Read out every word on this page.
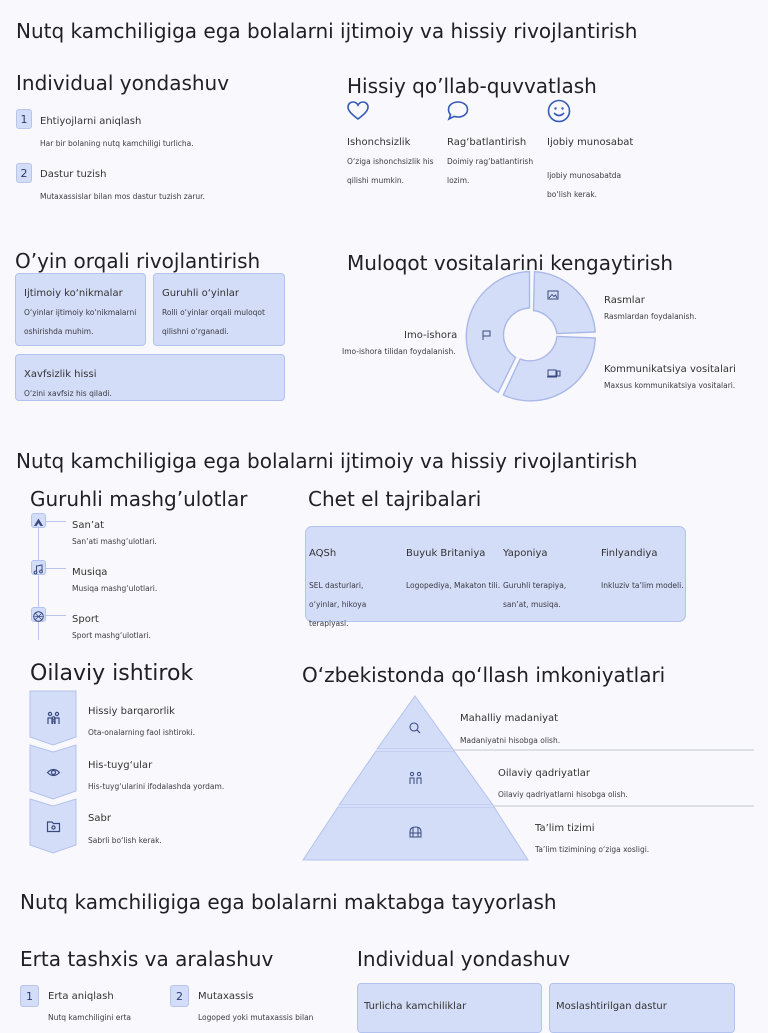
Nutq kamchiligiga ega bolalarni ijtimoiy va hissiy rivojlantirish
Individual yondashuv
1	Ehtiyojlarni aniqlash
Har bir bolaning nutq kamchiligi turlicha.
2	Dastur tuzish
Mutaxassislar bilan mos dastur tuzish zarur.
Hissiy qo’llab-quvvatlash
Ishonchsizlik
O‘ziga ishonchsizlik his
qilishi mumkin.
Rag‘batlantirish
Doimiy rag‘batlantirish
lozim.
Ijobiy munosabat
Ijobiy munosabatda
bo‘lish kerak.
O’yin orqali rivojlantirish
Ijtimoiy ko‘nikmalar
O‘yinlar ijtimoiy ko‘nikmalarni
oshirishda muhim.
Guruhli o‘yinlar
Rolli o‘yinlar orqali muloqot
qilishni o‘rganadi.
Xavfsizlik hissi
O‘zini xavfsiz his qiladi.
Muloqot vositalarini kengaytirish
Rasmlar
Rasmlardan foydalanish.
Kommunikatsiya vositalari
Maxsus kommunikatsiya vositalari.
Imo-ishora
Imo-ishora tilidan foydalanish.
Nutq kamchiligiga ega bolalarni ijtimoiy va hissiy rivojlantirish
Guruhli mashg’ulotlar
San’at
San’ati mashg‘ulotlari.
Musiqa
Musiqa mashg‘ulotlari.
Sport
Sport mashg‘ulotlari.
Chet el tajribalari
AQSh
SEL dasturlari,
o‘yinlar, hikoya
terapiyasi.
Buyuk Britaniya
Logopediya, Makaton tili.
Yaponiya
Guruhli terapiya,
san’at, musiqa.
Finlyandiya
Inkluziv ta’lim modeli.
Oilaviy ishtirok
Hissiy barqarorlik
Ota-onalarning faol ishtiroki.
His-tuyg‘ular
His-tuyg‘ularini ifodalashda yordam.
Sabr
Sabrli bo‘lish kerak.
O‘zbekistonda qo‘llash imkoniyatlari
Mahalliy madaniyat
Madaniyatni hisobga olish.
Oilaviy qadriyatlar
Oilaviy qadriyatlarni hisobga olish.
Ta’lim tizimi
Ta’lim tizimining o‘ziga xosligi.
Nutq kamchiligiga ega bolalarni maktabga tayyorlash
Erta tashxis va aralashuv
1	Erta aniqlash
Nutq kamchiligini erta
2	Mutaxassis
Logoped yoki mutaxassis bilan
Individual yondashuv
Turlicha kamchiliklar	Moslashtirilgan dastur
